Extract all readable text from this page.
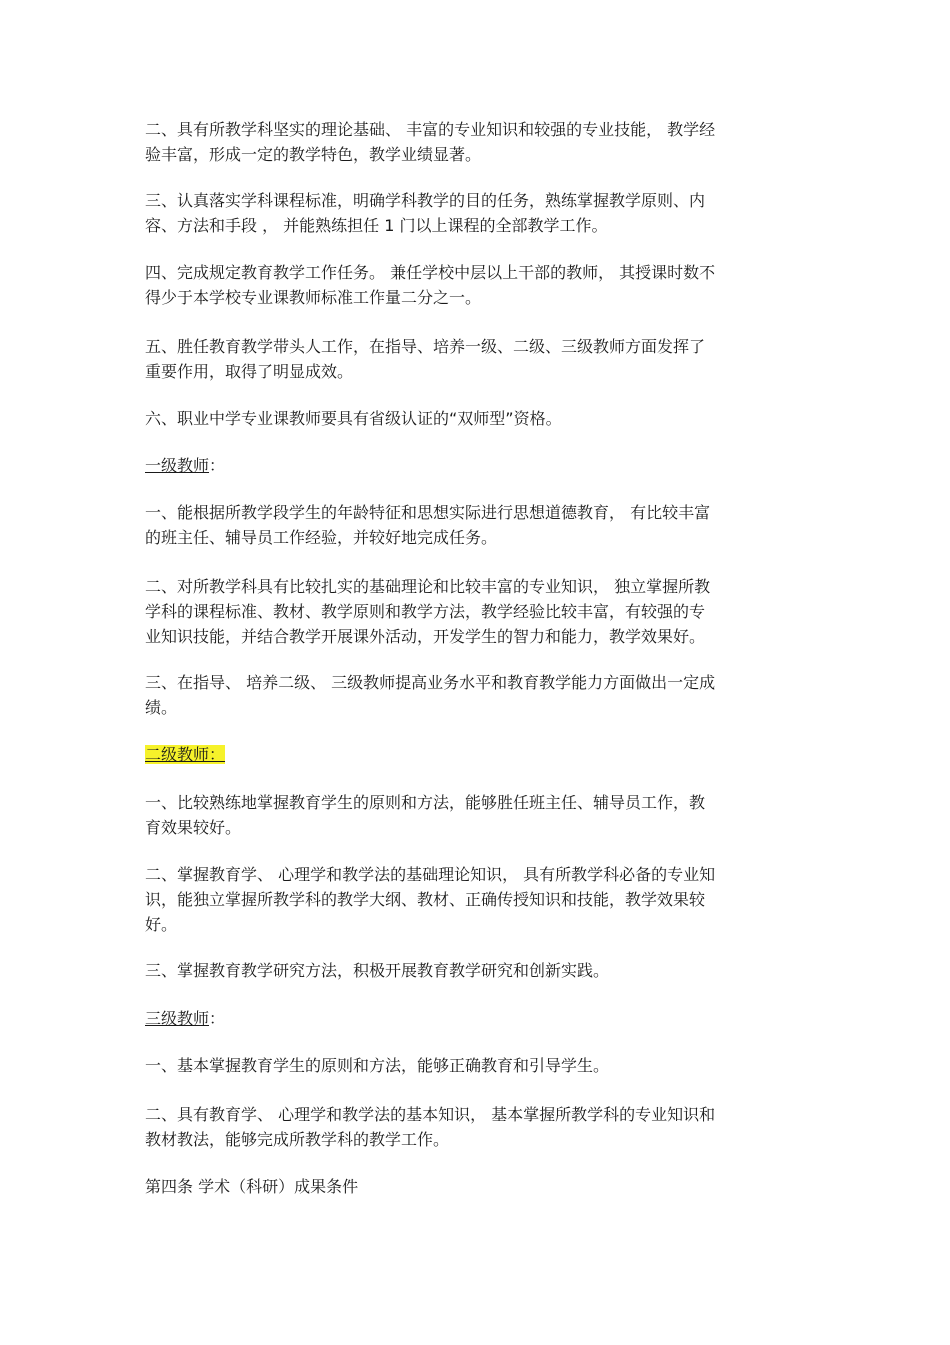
二、具有所教学科坚实的理论基础、 丰富的专业知识和较强的专业技能， 教学经
验丰富，形成一定的教学特色，教学业绩显著。
三、认真落实学科课程标准，明确学科教学的目的任务，熟练掌握教学原则、内
容、方法和手段 ， 并能熟练担任 1 门以上课程的全部教学工作。
四、完成规定教育教学工作任务。 兼任学校中层以上干部的教师， 其授课时数不
得少于本学校专业课教师标准工作量二分之一。
五、胜任教育教学带头人工作，在指导、培养一级、二级、三级教师方面发挥了
重要作用，取得了明显成效。
六、职业中学专业课教师要具有省级认证的“双师型”资格。
一级教师：
一、能根据所教学段学生的年龄特征和思想实际进行思想道德教育， 有比较丰富
的班主任、辅导员工作经验，并较好地完成任务。
二、对所教学科具有比较扎实的基础理论和比较丰富的专业知识， 独立掌握所教
学科的课程标准、教材、教学原则和教学方法，教学经验比较丰富，有较强的专
业知识技能，并结合教学开展课外活动，开发学生的智力和能力，教学效果好。
三、在指导、 培养二级、 三级教师提高业务水平和教育教学能力方面做出一定成
绩。
二级教师：
一、比较熟练地掌握教育学生的原则和方法，能够胜任班主任、辅导员工作，教
育效果较好。
二、掌握教育学、 心理学和教学法的基础理论知识， 具有所教学科必备的专业知
识，能独立掌握所教学科的教学大纲、教材、正确传授知识和技能，教学效果较
好。
三、掌握教育教学研究方法，积极开展教育教学研究和创新实践。
三级教师：
一、基本掌握教育学生的原则和方法，能够正确教育和引导学生。
二、具有教育学、 心理学和教学法的基本知识， 基本掌握所教学科的专业知识和
教材教法，能够完成所教学科的教学工作。
第四条 学术（科研）成果条件
